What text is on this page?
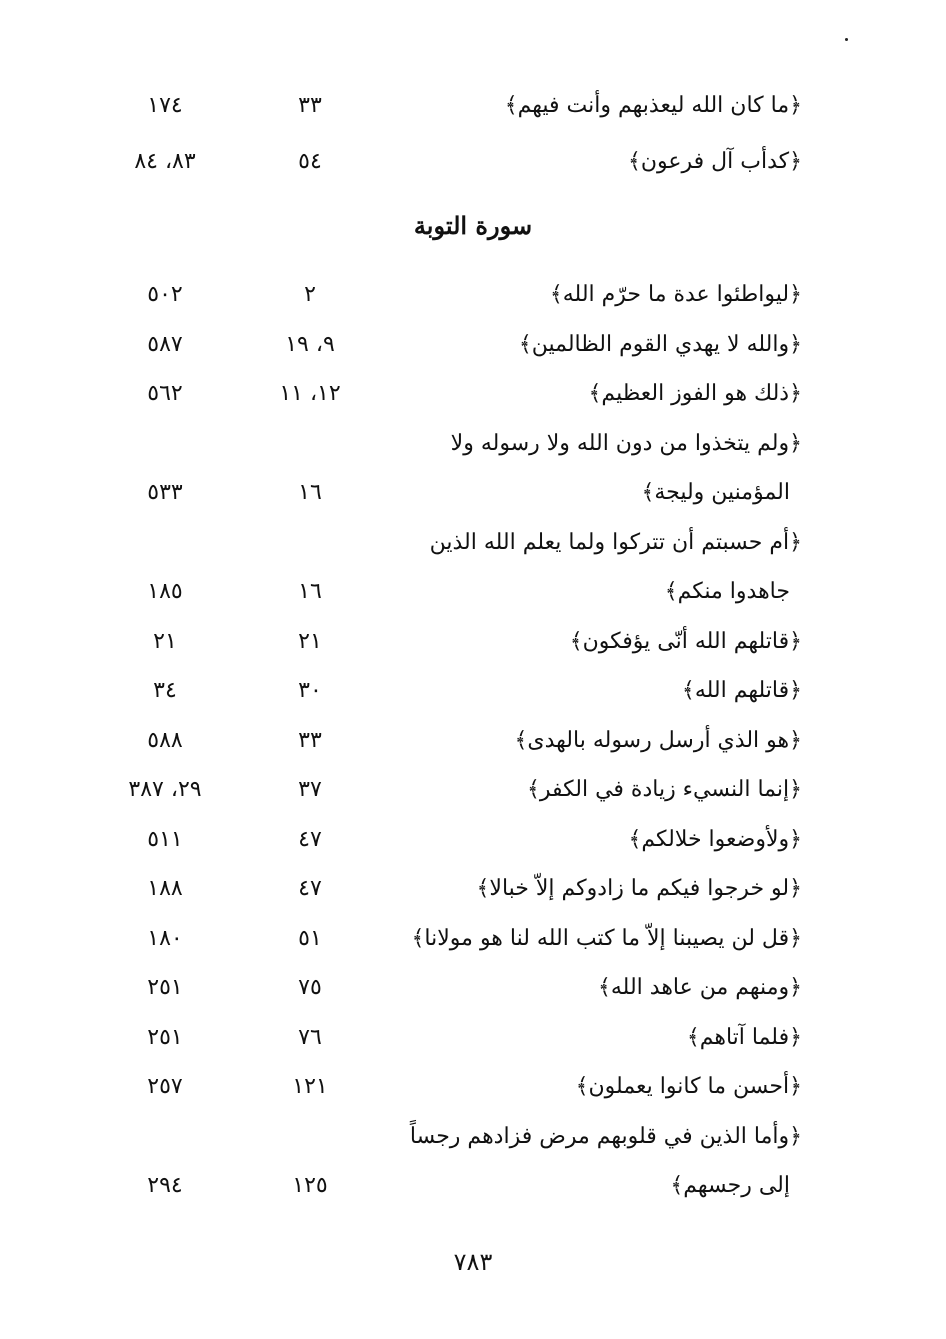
﴿ما كان الله ليعذبهم وأنت فيهم﴾
٣٣
١٧٤
﴿كدأب آل فرعون﴾
٥٤
٨٣، ٨٤
سورة التوبة
﴿ليواطئوا عدة ما حرّم الله﴾
٢
٥٠٢
﴿والله لا يهدي القوم الظالمين﴾
٩، ١٩
٥٨٧
﴿ذلك هو الفوز العظيم﴾
١٢، ١١
٥٦٢
﴿ولم يتخذوا من دون الله ولا رسوله ولا
المؤمنين وليجة﴾
١٦
٥٣٣
﴿أم حسبتم أن تتركوا ولما يعلم الله الذين
جاهدوا منكم﴾
١٦
١٨٥
﴿قاتلهم الله أنّى يؤفكون﴾
٢١
٢١
﴿قاتلهم الله﴾
٣٠
٣٤
﴿هو الذي أرسل رسوله بالهدى﴾
٣٣
٥٨٨
﴿إنما النسيء زيادة في الكفر﴾
٣٧
٢٩، ٣٨٧
﴿ولأوضعوا خلالكم﴾
٤٧
٥١١
﴿لو خرجوا فيكم ما زادوكم إلاّ خبالا﴾
٤٧
١٨٨
﴿قل لن يصيبنا إلاّ ما كتب الله لنا هو مولانا﴾
٥١
١٨٠
﴿ومنهم من عاهد الله﴾
٧٥
٢٥١
﴿فلما آتاهم﴾
٧٦
٢٥١
﴿أحسن ما كانوا يعملون﴾
١٢١
٢٥٧
﴿وأما الذين في قلوبهم مرض فزادهم رجساً
إلى رجسهم﴾
١٢٥
٢٩٤
٧٨٣
